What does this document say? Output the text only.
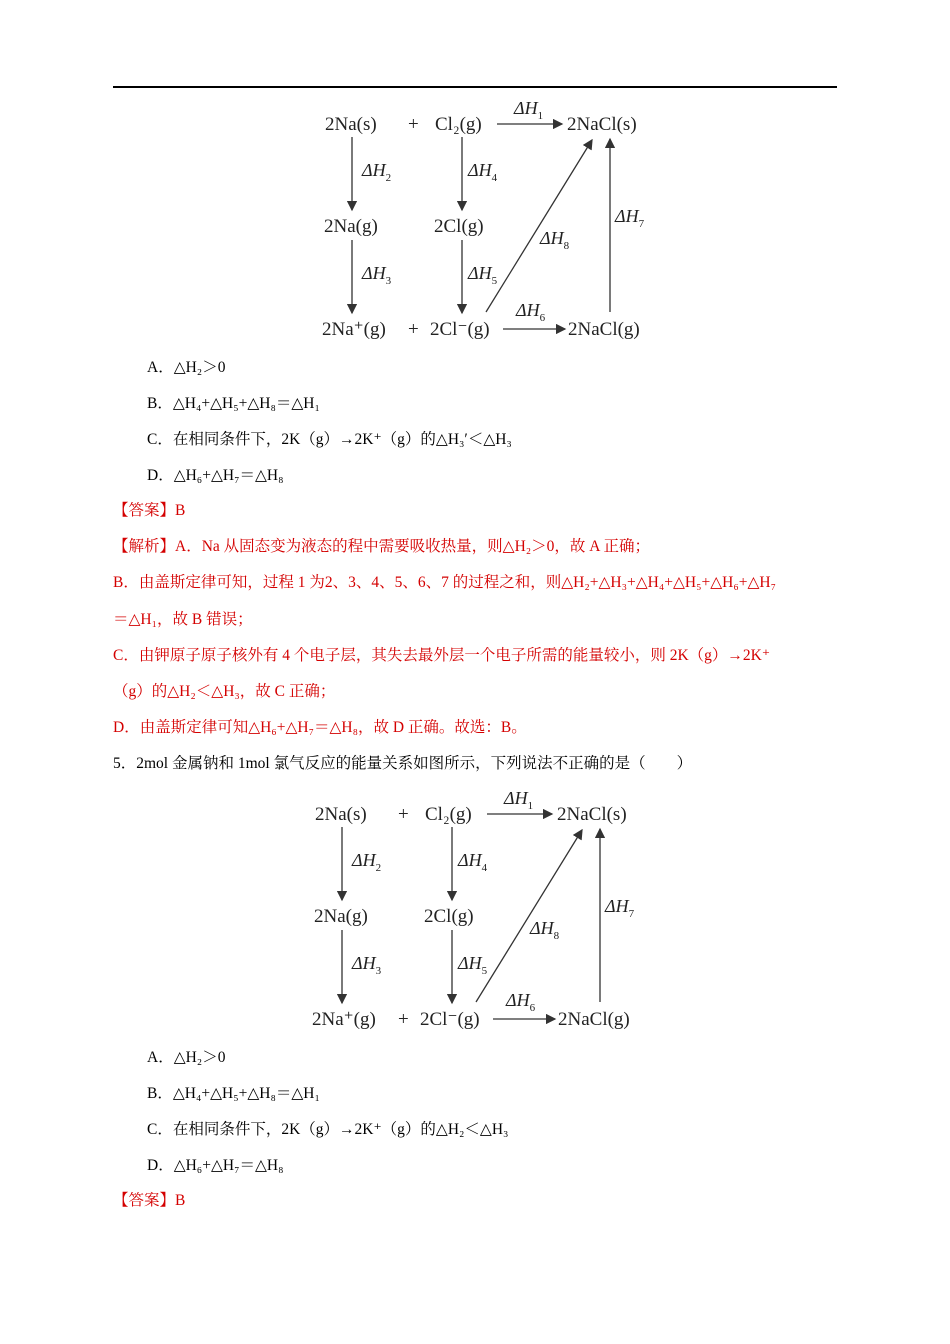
2Na(s) + Cl₂(g)	2NaCl(s)
2Na(g)	2Cl(g)
2Na⁺(g) + 2Cl⁻(g)	2NaCl(g)
$\Delta H_1$
$\Delta H_2$
$\Delta H_3$
$\Delta H_4$
$\Delta H_5$
$\Delta H_6$
$\Delta H_7$
$\Delta H_8$
A．△H₂＞0
B．△H₄+△H₅+△H₈＝△H₁
C．在相同条件下，2K（g）→2K⁺（g）的△H₃′＜△H₃
D．△H₆+△H₇＝△H₈
【答案】B
【解析】A．Na 从固态变为液态的程中需要吸收热量，则△H₂＞0，故 A 正确；
B．由盖斯定律可知，过程 1 为2、3、4、5、6、7 的过程之和，则△H₂+△H₃+△H₄+△H₅+△H₆+△H₇
＝△H₁，故 B 错误；
C．由钾原子原子核外有 4 个电子层，其失去最外层一个电子所需的能量较小，则 2K（g）→2K⁺
（g）的△H₂＜△H₃，故 C 正确；
D．由盖斯定律可知△H₆+△H₇＝△H₈，故 D 正确。故选：B。
5．2mol 金属钠和 1mol 氯气反应的能量关系如图所示，下列说法不正确的是（　　）
2Na(s) + Cl₂(g)	2NaCl(s)
2Na(g)	2Cl(g)
2Na⁺(g) + 2Cl⁻(g)	2NaCl(g)
$\Delta H_1$
$\Delta H_2$
$\Delta H_3$
$\Delta H_4$
$\Delta H_5$
$\Delta H_6$
$\Delta H_7$
$\Delta H_8$
A．△H₂＞0
B．△H₄+△H₅+△H₈＝△H₁
C．在相同条件下，2K（g）→2K⁺（g）的△H₂＜△H₃
D．△H₆+△H₇＝△H₈
【答案】B
